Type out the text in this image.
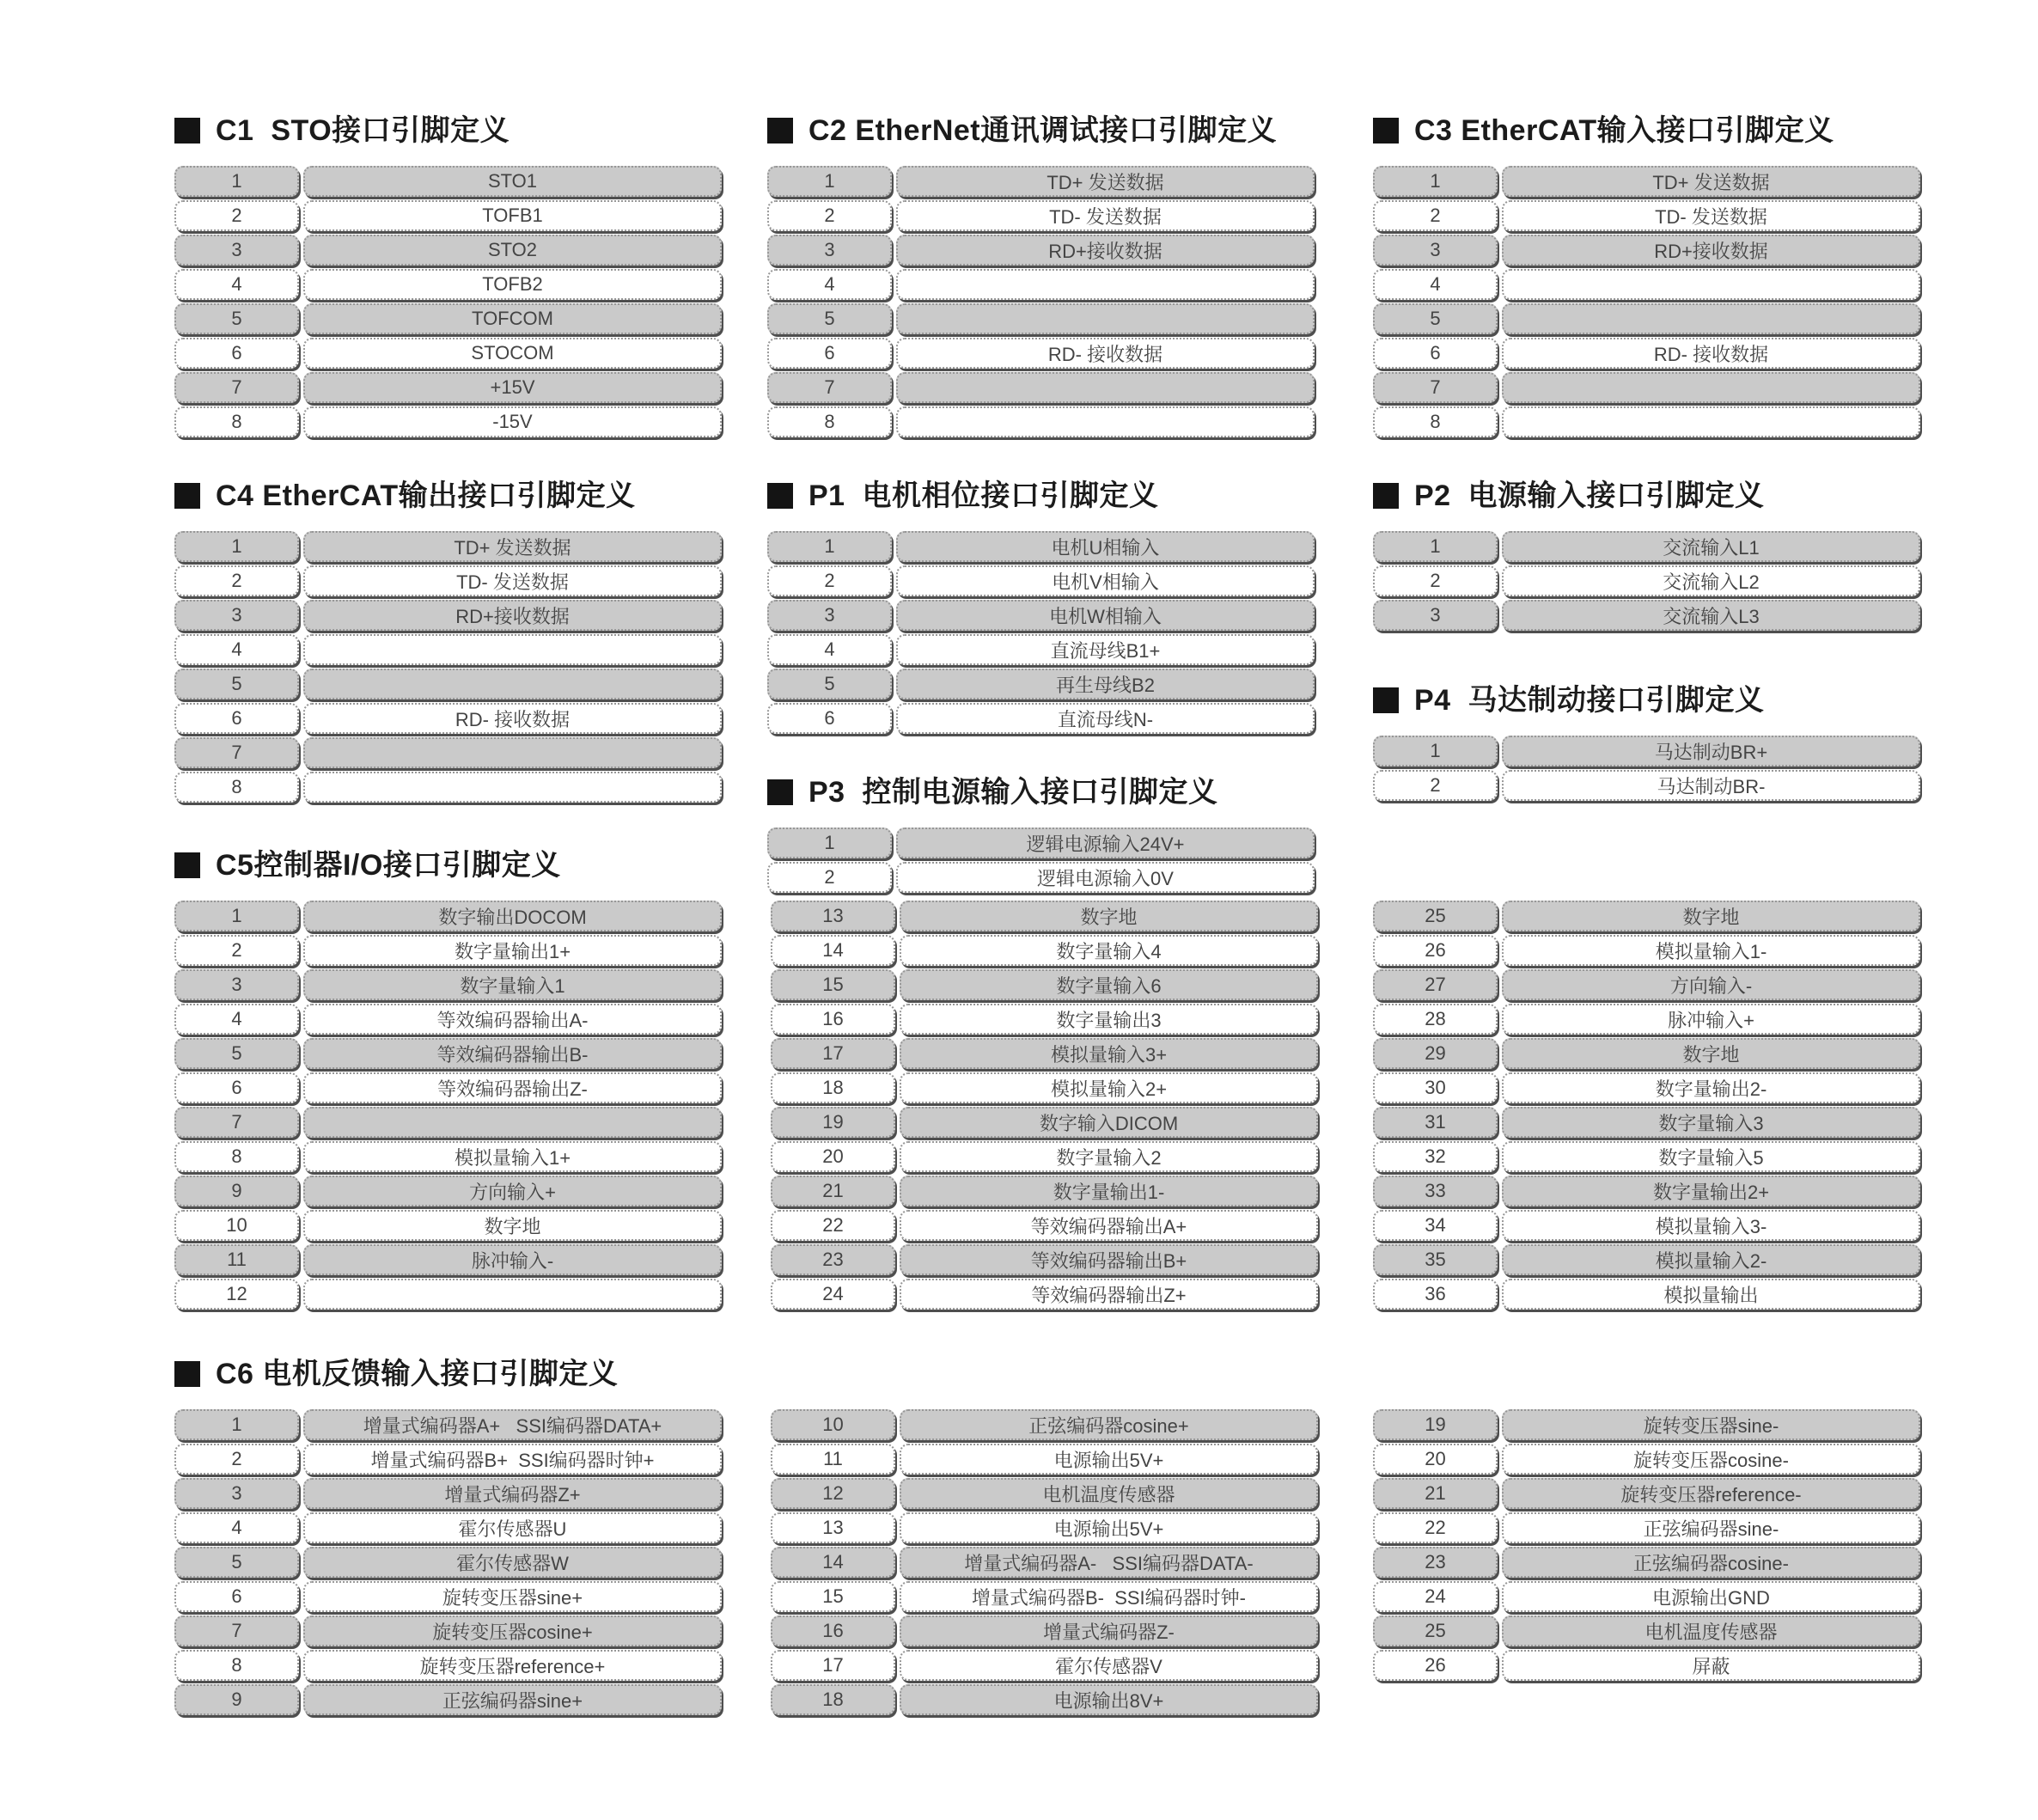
C1  STO接口引脚定义
1	STO1
2	TOFB1
3	STO2
4	TOFB2
5	TOFCOM
6	STOCOM
7	+15V
8	-15V
C2 EtherNet通讯调试接口引脚定义
1	TD+ 发送数据
2	TD- 发送数据
3	RD+接收数据
4
5
6	RD- 接收数据
7
8
C3 EtherCAT输入接口引脚定义
1	TD+ 发送数据
2	TD- 发送数据
3	RD+接收数据
4
5
6	RD- 接收数据
7
8
C4 EtherCAT输出接口引脚定义
1	TD+ 发送数据
2	TD- 发送数据
3	RD+接收数据
4
5
6	RD- 接收数据
7
8
P1  电机相位接口引脚定义
1	电机U相输入
2	电机V相输入
3	电机W相输入
4	直流母线B1+
5	再生母线B2
6	直流母线N-
P2  电源输入接口引脚定义
1	交流输入L1
2	交流输入L2
3	交流输入L3
P4  马达制动接口引脚定义
1	马达制动BR+
2	马达制动BR-
P3  控制电源输入接口引脚定义
1	逻辑电源输入24V+
2	逻辑电源输入0V
C5控制器I/O接口引脚定义
1	数字输出DOCOM
2	数字量输出1+
3	数字量输入1
4	等效编码器输出A-
5	等效编码器输出B-
6	等效编码器输出Z-
7
8	模拟量输入1+
9	方向输入+
10	数字地
11	脉冲输入-
12
13	数字地
14	数字量输入4
15	数字量输入6
16	数字量输出3
17	模拟量输入3+
18	模拟量输入2+
19	数字输入DICOM
20	数字量输入2
21	数字量输出1-
22	等效编码器输出A+
23	等效编码器输出B+
24	等效编码器输出Z+
25	数字地
26	模拟量输入1-
27	方向输入-
28	脉冲输入+
29	数字地
30	数字量输出2-
31	数字量输入3
32	数字量输入5
33	数字量输出2+
34	模拟量输入3-
35	模拟量输入2-
36	模拟量输出
C6 电机反馈输入接口引脚定义
1	增量式编码器A+   SSI编码器DATA+
2	增量式编码器B+  SSI编码器时钟+
3	增量式编码器Z+
4	霍尔传感器U
5	霍尔传感器W
6	旋转变压器sine+
7	旋转变压器cosine+
8	旋转变压器reference+
9	正弦编码器sine+
10	正弦编码器cosine+
11	电源输出5V+
12	电机温度传感器
13	电源输出5V+
14	增量式编码器A-   SSI编码器DATA-
15	增量式编码器B-  SSI编码器时钟-
16	增量式编码器Z-
17	霍尔传感器V
18	电源输出8V+
19	旋转变压器sine-
20	旋转变压器cosine-
21	旋转变压器reference-
22	正弦编码器sine-
23	正弦编码器cosine-
24	电源输出GND
25	电机温度传感器
26	屏蔽
